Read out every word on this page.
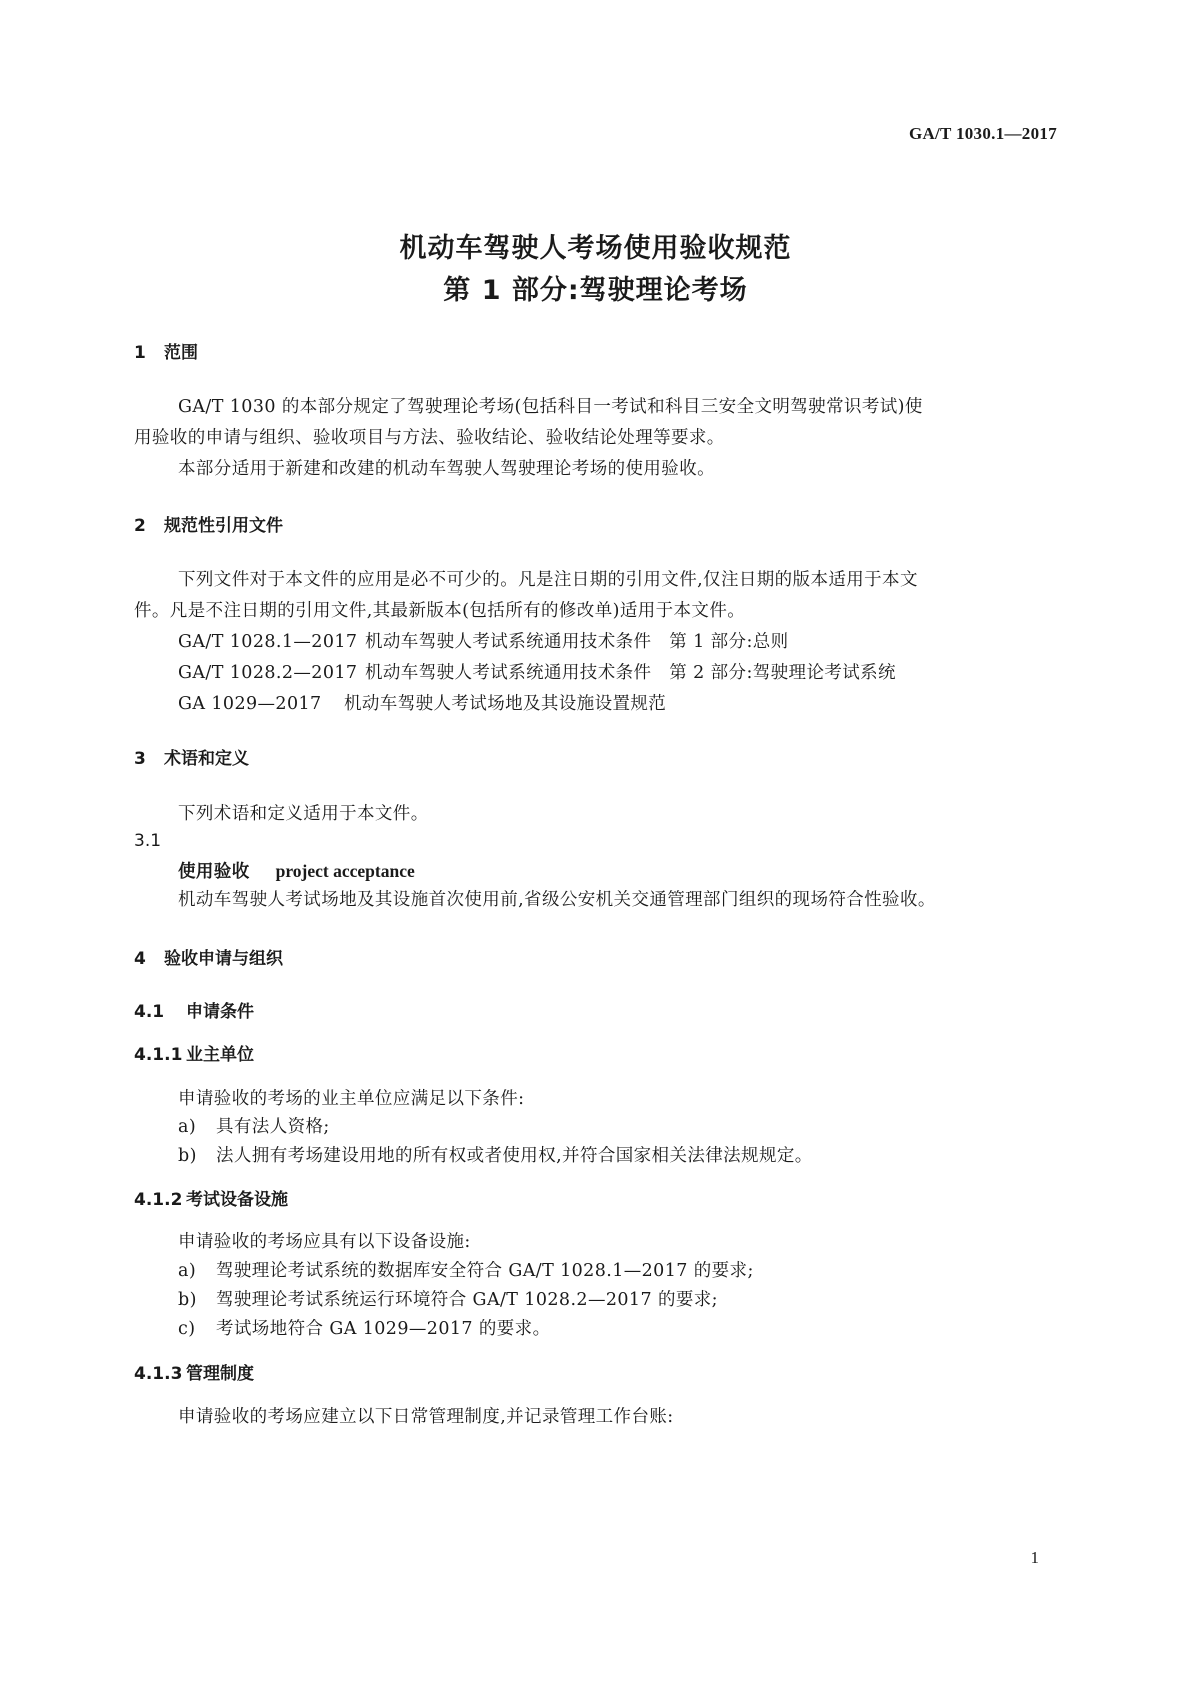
GA/T 1030.1—2017
机动车驾驶人考场使用验收规范
第 1 部分:驾驶理论考场
1 范围
GA/T 1030 的本部分规定了驾驶理论考场(包括科目一考试和科目三安全文明驾驶常识考试)使
用验收的申请与组织、验收项目与方法、验收结论、验收结论处理等要求。
本部分适用于新建和改建的机动车驾驶人驾驶理论考场的使用验收。
2 规范性引用文件
下列文件对于本文件的应用是必不可少的。凡是注日期的引用文件,仅注日期的版本适用于本文
件。凡是不注日期的引用文件,其最新版本(包括所有的修改单)适用于本文件。
GA/T 1028.1—2017 机动车驾驶人考试系统通用技术条件　第 1 部分:总则
GA/T 1028.2—2017 机动车驾驶人考试系统通用技术条件　第 2 部分:驾驶理论考试系统
GA 1029—2017 机动车驾驶人考试场地及其设施设置规范
3 术语和定义
下列术语和定义适用于本文件。
3.1
使用验收 project acceptance
机动车驾驶人考试场地及其设施首次使用前,省级公安机关交通管理部门组织的现场符合性验收。
4 验收申请与组织
4.1 申请条件
4.1.1 业主单位
申请验收的考场的业主单位应满足以下条件:
a) 具有法人资格;
b) 法人拥有考场建设用地的所有权或者使用权,并符合国家相关法律法规规定。
4.1.2 考试设备设施
申请验收的考场应具有以下设备设施:
a) 驾驶理论考试系统的数据库安全符合 GA/T 1028.1—2017 的要求;
b) 驾驶理论考试系统运行环境符合 GA/T 1028.2—2017 的要求;
c) 考试场地符合 GA 1029—2017 的要求。
4.1.3 管理制度
申请验收的考场应建立以下日常管理制度,并记录管理工作台账:
1
